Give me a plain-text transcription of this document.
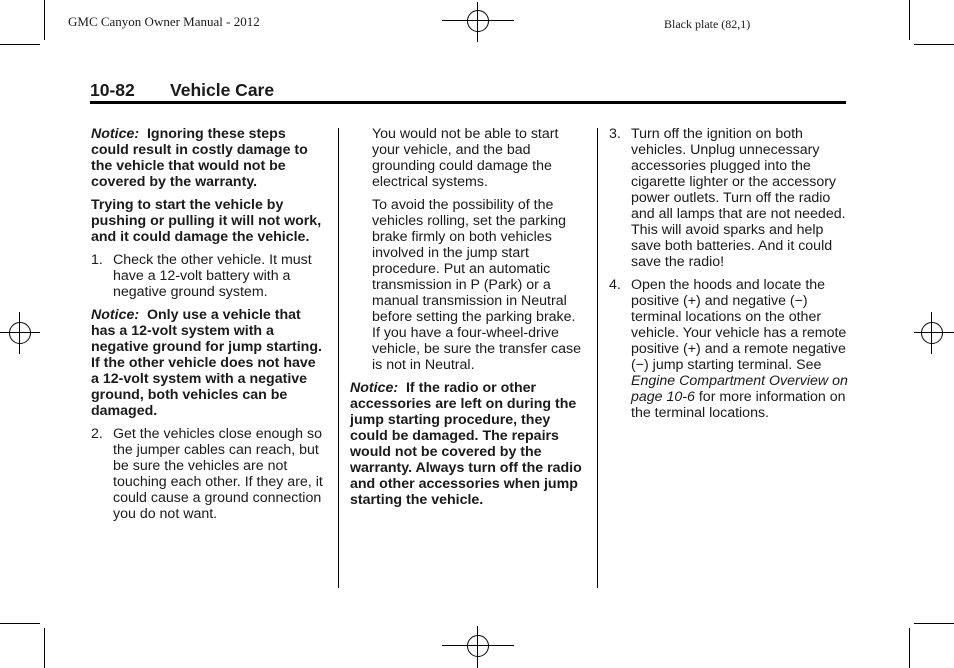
GMC Canyon Owner Manual - 2012	Black plate (82,1)
10-82 Vehicle Care

Notice: Ignoring these steps could result in costly damage to the vehicle that would not be covered by the warranty.

Trying to start the vehicle by pushing or pulling it will not work, and it could damage the vehicle.

1. Check the other vehicle. It must have a 12-volt battery with a negative ground system.

Notice: Only use a vehicle that has a 12-volt system with a negative ground for jump starting. If the other vehicle does not have a 12-volt system with a negative ground, both vehicles can be damaged.

2. Get the vehicles close enough so the jumper cables can reach, but be sure the vehicles are not touching each other. If they are, it could cause a ground connection you do not want.

You would not be able to start your vehicle, and the bad grounding could damage the electrical systems.

To avoid the possibility of the vehicles rolling, set the parking brake firmly on both vehicles involved in the jump start procedure. Put an automatic transmission in P (Park) or a manual transmission in Neutral before setting the parking brake. If you have a four-wheel-drive vehicle, be sure the transfer case is not in Neutral.

Notice: If the radio or other accessories are left on during the jump starting procedure, they could be damaged. The repairs would not be covered by the warranty. Always turn off the radio and other accessories when jump starting the vehicle.

3. Turn off the ignition on both vehicles. Unplug unnecessary accessories plugged into the cigarette lighter or the accessory power outlets. Turn off the radio and all lamps that are not needed. This will avoid sparks and help save both batteries. And it could save the radio!
4. Open the hoods and locate the positive (+) and negative (−) terminal locations on the other vehicle. Your vehicle has a remote positive (+) and a remote negative (−) jump starting terminal. See Engine Compartment Overview on page 10-6 for more information on the terminal locations.
